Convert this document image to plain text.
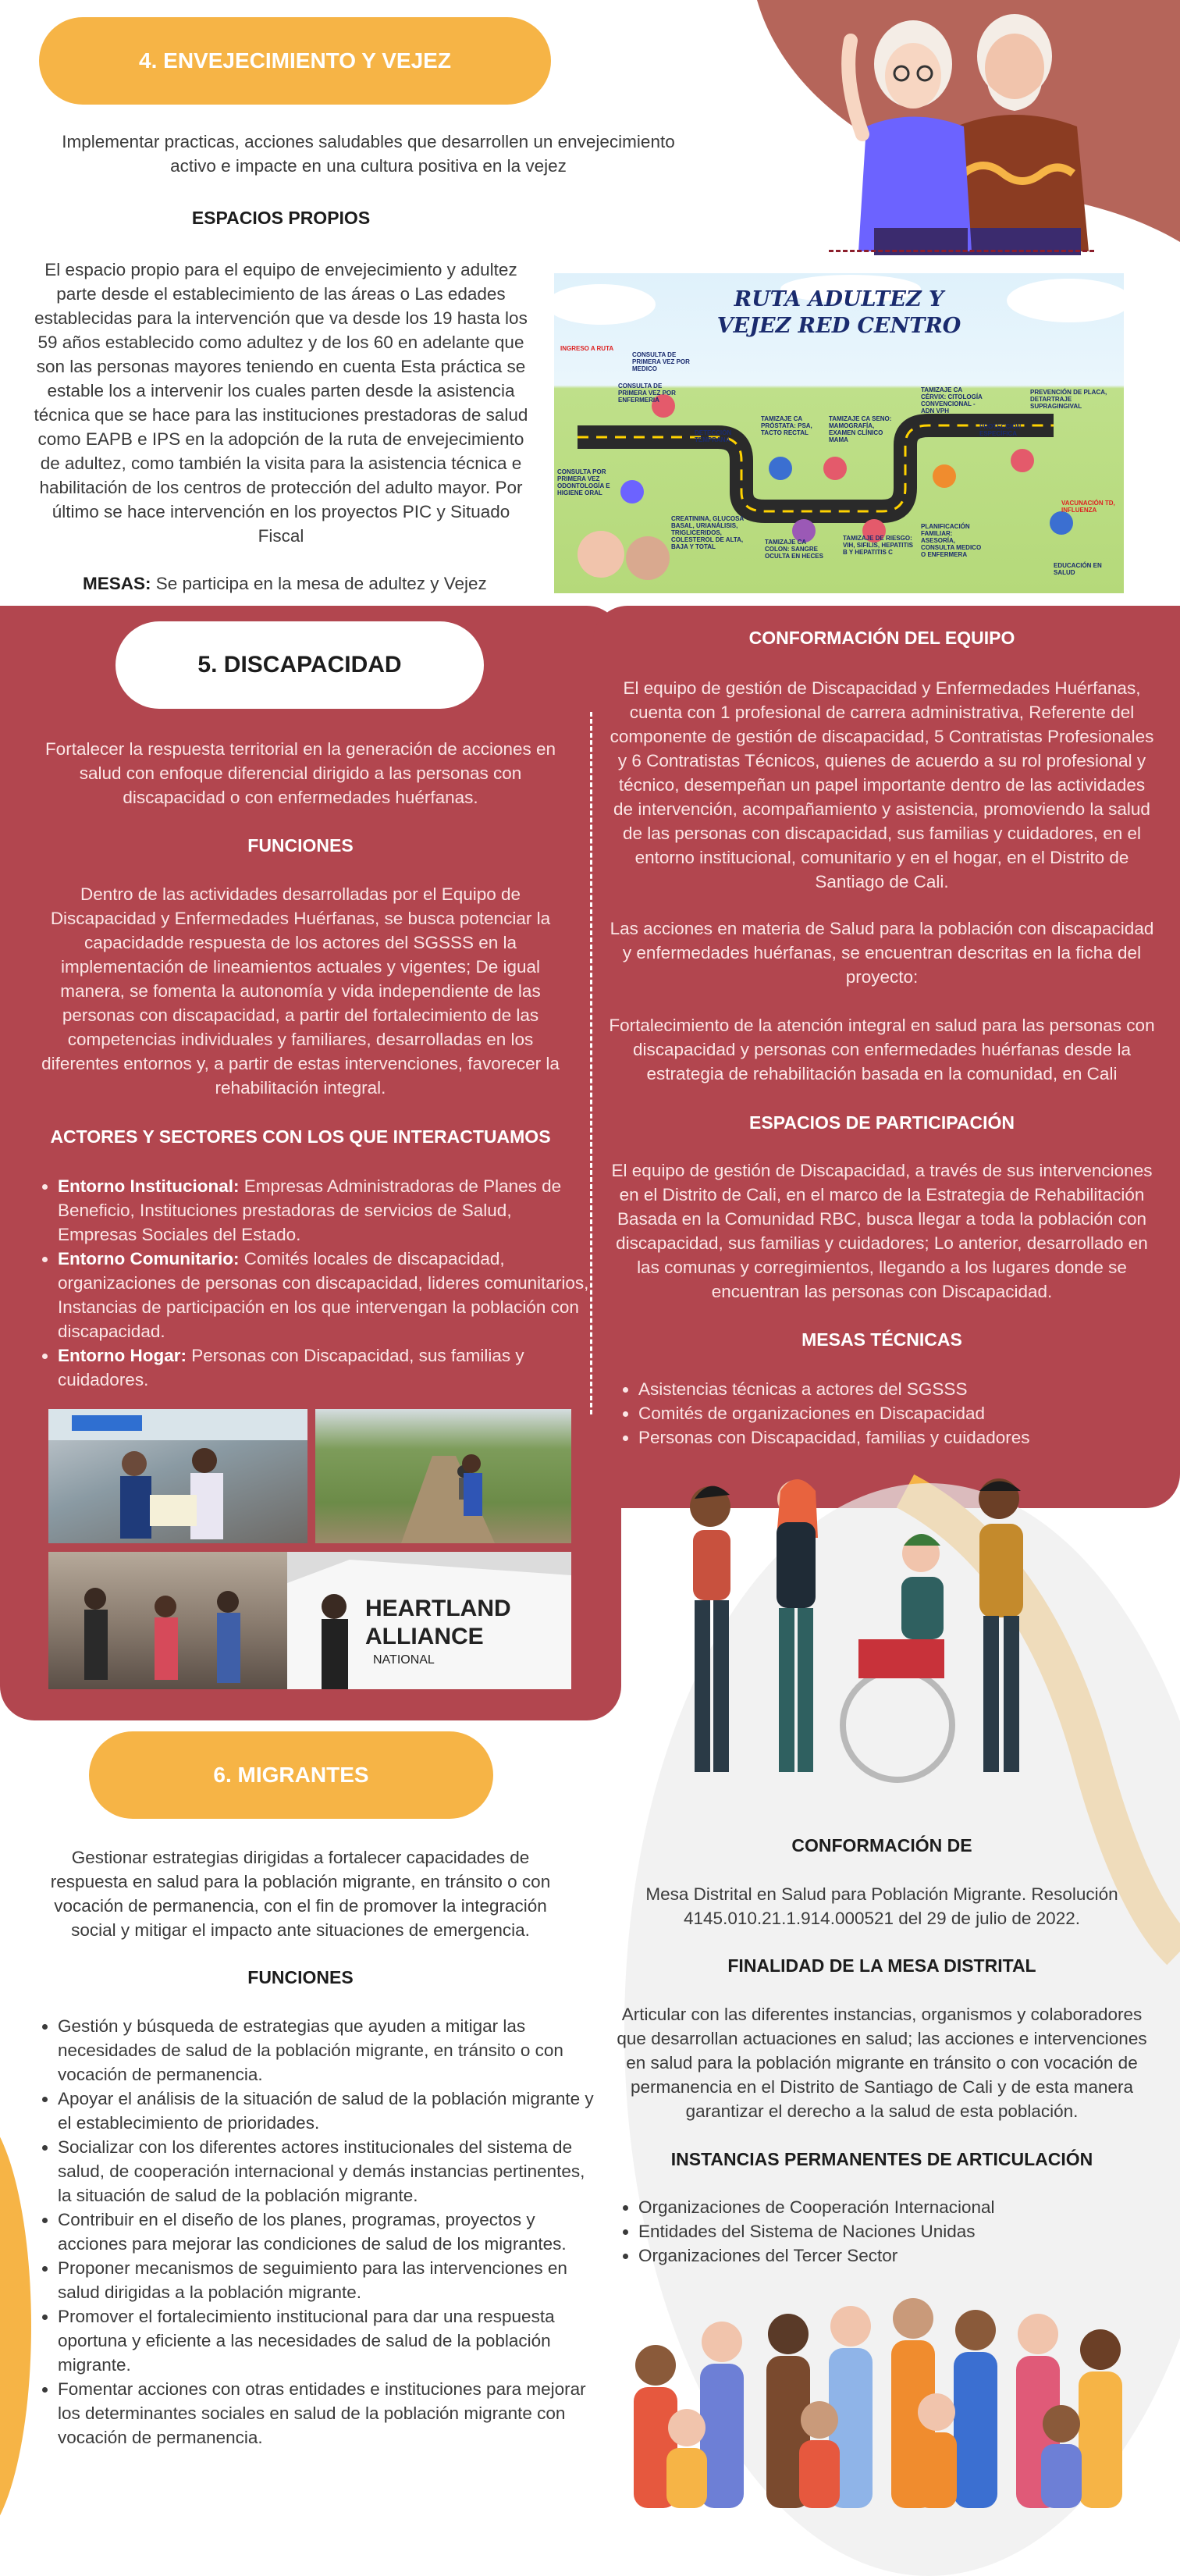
4. ENVEJECIMIENTO Y VEJEZ
Implementar practicas, acciones saludables que desarrollen un envejecimiento activo e impacte en una cultura positiva en la vejez
ESPACIOS PROPIOS
El espacio propio para el equipo de envejecimiento y adultez parte desde el establecimiento de las áreas o Las edades establecidas para la intervención que va desde los 19 hasta los 59 años establecido como adultez y de los 60 en adelante que son las personas mayores teniendo en cuenta Esta práctica se estable los a intervenir los cuales parten desde la asistencia técnica que se hace para las instituciones prestadoras de salud como EAPB e IPS en la adopción de la ruta de envejecimiento de adultez, como también la visita para la asistencia técnica e habilitación de los centros de protección del adulto mayor. Por último se hace intervención en los proyectos PIC y Situado Fiscal
MESAS: Se participa en la mesa de adultez y Vejez
RUTA ADULTEZ Y
VEJEZ RED CENTRO
INGRESO A RUTA
CONSULTA DE PRIMERA VEZ POR MEDICO
CONSULTA DE PRIMERA VEZ POR ENFERMERIA
DETECCIÓN TEMPRANA
TAMIZAJE CA PRÓSTATA: PSA, TACTO RECTAL
TAMIZAJE CA SENO: MAMOGRAFÍA, EXAMEN CLÍNICO MAMA
TAMIZAJE CA CÉRVIX: CITOLOGÍA CONVENCIONAL - ADN VPH
PROTECCIÓN ESPECÍFICA
PREVENCIÓN DE PLACA, DETARTRAJE SUPRAGINGIVAL
CONSULTA POR PRIMERA VEZ ODONTOLOGÍA E HIGIENE ORAL
CREATININA, GLUCOSA BASAL, URIANÁLISIS, TRIGLICERIDOS, COLESTEROL DE ALTA, BAJA Y TOTAL
TAMIZAJE CA COLON: SANGRE OCULTA EN HECES
TAMIZAJE DE RIESGO: VIH, SIFILIS, HEPATITIS B Y HEPATITIS C
PLANIFICACIÓN FAMILIAR: ASESORÍA, CONSULTA MEDICO O ENFERMERA
VACUNACIÓN TD, INFLUENZA
EDUCACIÓN EN SALUD
5. DISCAPACIDAD
Fortalecer la respuesta territorial en la generación de acciones en salud con enfoque diferencial dirigido a las personas con discapacidad o con enfermedades huérfanas.
FUNCIONES
Dentro de las actividades desarrolladas por el Equipo de Discapacidad y Enfermedades Huérfanas, se busca potenciar la capacidadde respuesta de los actores del SGSSS en la implementación de lineamientos actuales y vigentes; De igual manera, se fomenta la autonomía y vida independiente de las personas con discapacidad, a partir del fortalecimiento de las competencias individuales y familiares, desarrolladas en los diferentes entornos y, a partir de estas intervenciones, favorecer la rehabilitación integral.
ACTORES Y SECTORES CON LOS QUE INTERACTUAMOS
• Entorno Institucional: Empresas Administradoras de Planes de Beneficio, Instituciones prestadoras de servicios de Salud, Empresas Sociales del Estado.
• Entorno Comunitario: Comités locales de discapacidad, organizaciones de personas con discapacidad, lideres comunitarios, Instancias de participación en los que intervengan la población con discapacidad.
• Entorno Hogar: Personas con Discapacidad, sus familias y cuidadores.
HEARTLAND
ALLIANCE
NATIONAL
CONFORMACIÓN DEL EQUIPO
El equipo de gestión de Discapacidad y Enfermedades Huérfanas, cuenta con 1 profesional de carrera administrativa, Referente del componente de gestión de discapacidad, 5 Contratistas Profesionales y 6 Contratistas Técnicos, quienes de acuerdo a su rol profesional y técnico, desempeñan un papel importante dentro de las actividades de intervención, acompañamiento y asistencia, promoviendo la salud de las personas con discapacidad, sus familias y cuidadores, en el entorno institucional, comunitario y en el hogar, en el Distrito de Santiago de Cali.
Las acciones en materia de Salud para la población con discapacidad y enfermedades huérfanas, se encuentran descritas en la ficha del proyecto:
Fortalecimiento de la atención integral en salud para las personas con discapacidad y personas con enfermedades huérfanas desde la estrategia de rehabilitación basada en la comunidad, en Cali
ESPACIOS DE PARTICIPACIÓN
El equipo de gestión de Discapacidad, a través de sus intervenciones en el Distrito de Cali, en el marco de la Estrategia de Rehabilitación Basada en la Comunidad RBC, busca llegar a toda la población con discapacidad, sus familias y cuidadores; Lo anterior, desarrollado en las comunas y corregimientos, llegando a los lugares donde se encuentran las personas con Discapacidad.
MESAS TÉCNICAS
• Asistencias técnicas a actores del SGSSS
• Comités de organizaciones en Discapacidad
• Personas con Discapacidad, familias y cuidadores
6. MIGRANTES
Gestionar estrategias dirigidas a fortalecer capacidades de respuesta en salud para la población migrante, en tránsito o con vocación de permanencia, con el fin de promover la integración social y mitigar el impacto ante situaciones de emergencia.
FUNCIONES
• Gestión y búsqueda de estrategias que ayuden a mitigar las necesidades de salud de la población migrante, en tránsito o con vocación de permanencia.
• Apoyar el análisis de la situación de salud de la población migrante y el establecimiento de prioridades.
• Socializar con los diferentes actores institucionales del sistema de salud, de cooperación internacional y demás instancias pertinentes, la situación de salud de la población migrante.
• Contribuir en el diseño de los planes, programas, proyectos y acciones para mejorar las condiciones de salud de los migrantes.
• Proponer mecanismos de seguimiento para las intervenciones en salud dirigidas a la población migrante.
• Promover el fortalecimiento institucional para dar una respuesta oportuna y eficiente a las necesidades de salud de la población migrante.
• Fomentar acciones con otras entidades e instituciones para mejorar los determinantes sociales en salud de la población migrante con vocación de permanencia.
CONFORMACIÓN DE
Mesa Distrital en Salud para Población Migrante. Resolución 4145.010.21.1.914.000521 del 29 de julio de 2022.
FINALIDAD DE LA MESA DISTRITAL
Articular con las diferentes instancias, organismos y colaboradores que desarrollan actuaciones en salud; las acciones e intervenciones en salud para la población migrante en tránsito o con vocación de permanencia en el Distrito de Santiago de Cali y de esta manera garantizar el derecho a la salud de esta población.
INSTANCIAS PERMANENTES DE ARTICULACIÓN
• Organizaciones de Cooperación Internacional
• Entidades del Sistema de Naciones Unidas
• Organizaciones del Tercer Sector
